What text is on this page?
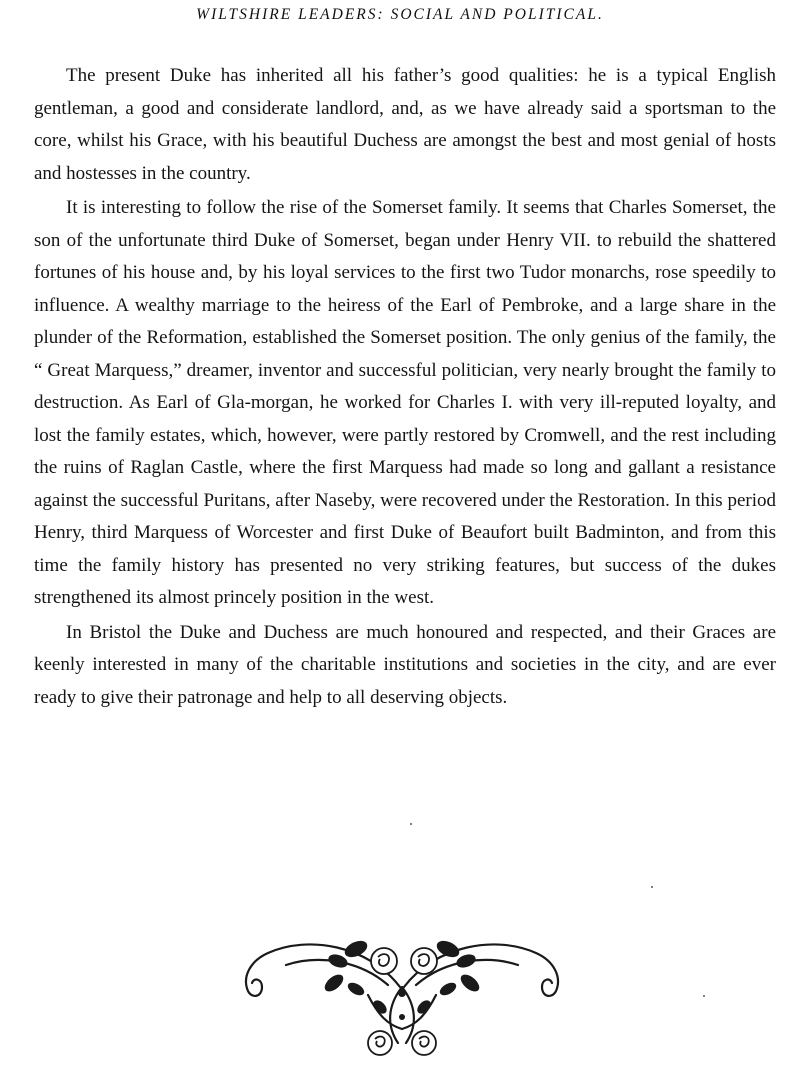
WILTSHIRE LEADERS: SOCIAL AND POLITICAL.

The present Duke has inherited all his father’s good qualities: he is a typical English gentleman, a good and considerate landlord, and, as we have already said a sportsman to the core, whilst his Grace, with his beautiful Duchess are amongst the best and most genial of hosts and hostesses in the country.

It is interesting to follow the rise of the Somerset family. It seems that Charles Somerset, the son of the unfortunate third Duke of Somerset, began under Henry VII. to rebuild the shattered fortunes of his house and, by his loyal services to the first two Tudor monarchs, rose speedily to influence. A wealthy marriage to the heiress of the Earl of Pembroke, and a large share in the plunder of the Reformation, established the Somerset position. The only genius of the family, the “ Great Marquess,” dreamer, inventor and successful politician, very nearly brought the family to destruction. As Earl of Gla-morgan, he worked for Charles I. with very ill-reputed loyalty, and lost the family estates, which, however, were partly restored by Cromwell, and the rest including the ruins of Raglan Castle, where the first Marquess had made so long and gallant a resistance against the successful Puritans, after Naseby, were recovered under the Restoration. In this period Henry, third Marquess of Worcester and first Duke of Beaufort built Badminton, and from this time the family history has presented no very striking features, but success of the dukes strengthened its almost princely position in the west.

In Bristol the Duke and Duchess are much honoured and respected, and their Graces are keenly interested in many of the charitable institutions and societies in the city, and are ever ready to give their patronage and help to all deserving objects.
